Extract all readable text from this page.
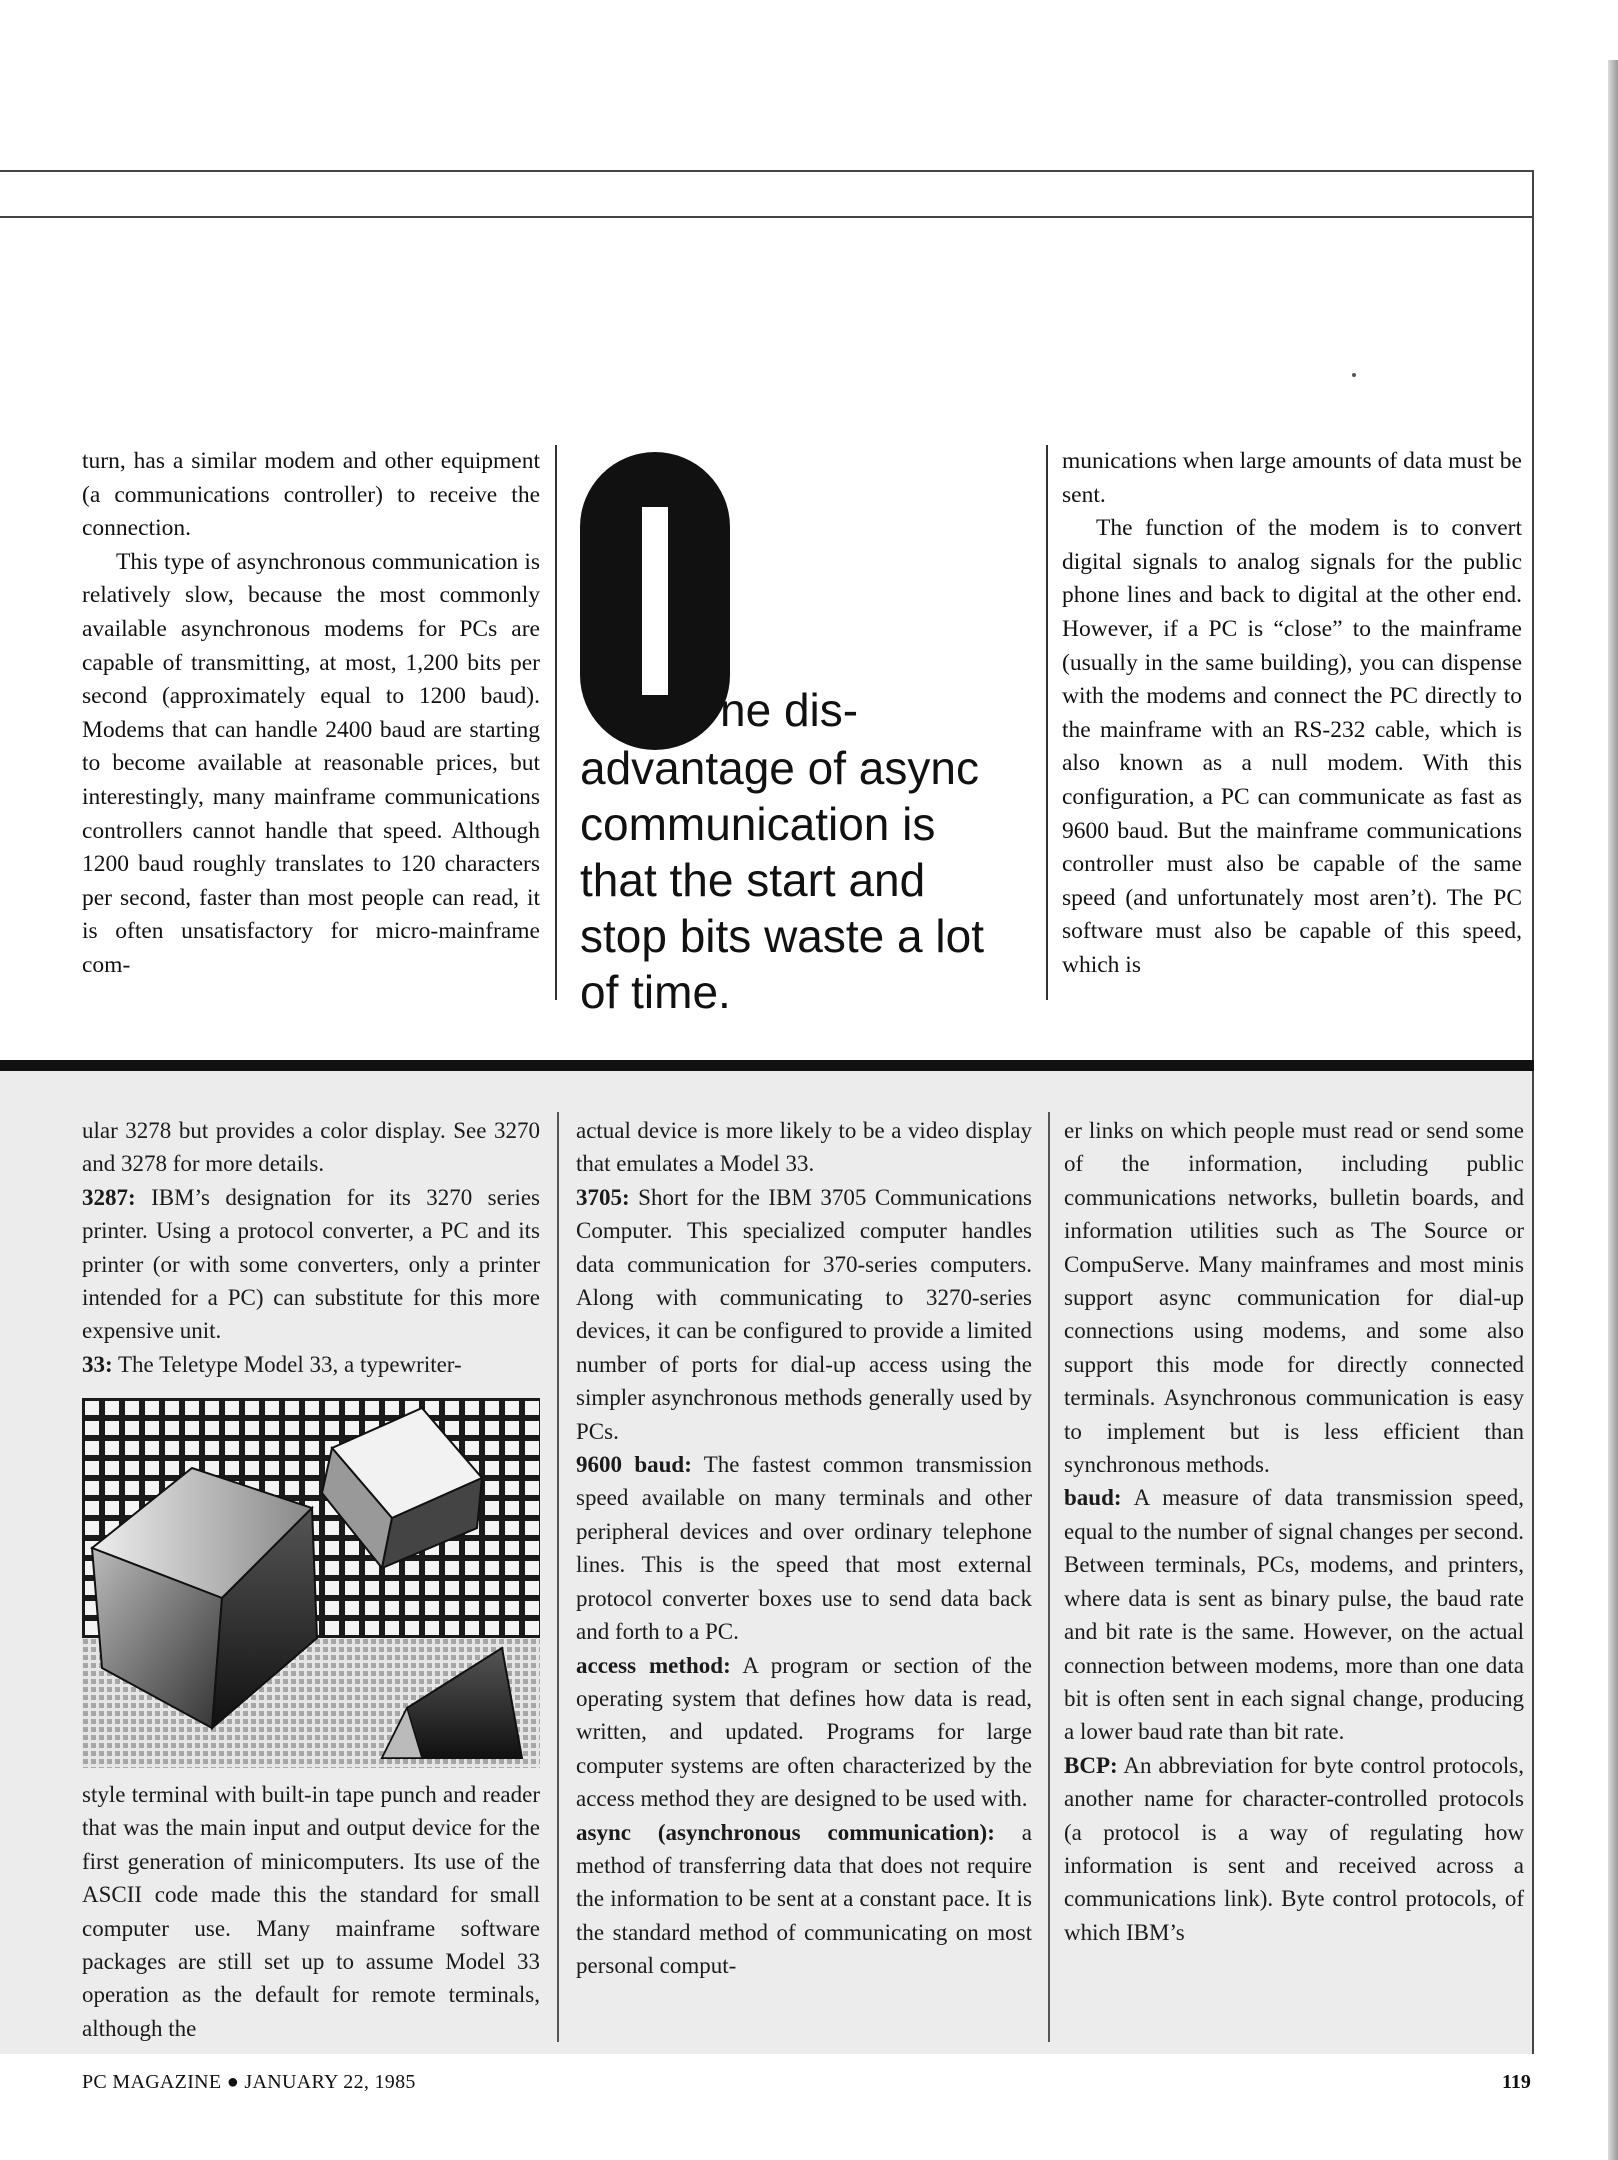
turn, has a similar modem and other equipment (a communications controller) to receive the connection.

This type of asynchronous communication is relatively slow, because the most commonly available asynchronous modems for PCs are capable of transmitting, at most, 1,200 bits per second (approximately equal to 1200 baud). Modems that can handle 2400 baud are starting to become available at reasonable prices, but interestingly, many mainframe communications controllers cannot handle that speed. Although 1200 baud roughly translates to 120 characters per second, faster than most people can read, it is often unsatisfactory for micro-mainframe com-

ne dis-
advantage of async communication is that the start and stop bits waste a lot of time.

munications when large amounts of data must be sent.

The function of the modem is to convert digital signals to analog signals for the public phone lines and back to digital at the other end. However, if a PC is “close” to the mainframe (usually in the same building), you can dispense with the modems and connect the PC directly to the mainframe with an RS-232 cable, which is also known as a null modem. With this configuration, a PC can communicate as fast as 9600 baud. But the mainframe communications controller must also be capable of the same speed (and unfortunately most aren’t). The PC software must also be capable of this speed, which is

ular 3278 but provides a color display. See 3270 and 3278 for more details.

3287: IBM’s designation for its 3270 series printer. Using a protocol converter, a PC and its printer (or with some converters, only a printer intended for a PC) can substitute for this more expensive unit.

33: The Teletype Model 33, a typewriter-

style terminal with built-in tape punch and reader that was the main input and output device for the first generation of minicomputers. Its use of the ASCII code made this the standard for small computer use. Many mainframe software packages are still set up to assume Model 33 operation as the default for remote terminals, although the

actual device is more likely to be a video display that emulates a Model 33.

3705: Short for the IBM 3705 Communications Computer. This specialized computer handles data communication for 370-series computers. Along with communicating to 3270-series devices, it can be configured to provide a limited number of ports for dial-up access using the simpler asynchronous methods generally used by PCs.

9600 baud: The fastest common transmission speed available on many terminals and other peripheral devices and over ordinary telephone lines. This is the speed that most external protocol converter boxes use to send data back and forth to a PC.

access method: A program or section of the operating system that defines how data is read, written, and updated. Programs for large computer systems are often characterized by the access method they are designed to be used with.

async (asynchronous communication): a method of transferring data that does not require the information to be sent at a constant pace. It is the standard method of communicating on most personal comput-

er links on which people must read or send some of the information, including public communications networks, bulletin boards, and information utilities such as The Source or CompuServe. Many mainframes and most minis support async communication for dial-up connections using modems, and some also support this mode for directly connected terminals. Asynchronous communication is easy to implement but is less efficient than synchronous methods.

baud: A measure of data transmission speed, equal to the number of signal changes per second. Between terminals, PCs, modems, and printers, where data is sent as binary pulse, the baud rate and bit rate is the same. However, on the actual connection between modems, more than one data bit is often sent in each signal change, producing a lower baud rate than bit rate.

BCP: An abbreviation for byte control protocols, another name for character-controlled protocols (a protocol is a way of regulating how information is sent and received across a communications link). Byte control protocols, of which IBM’s

PC MAGAZINE ● JANUARY 22, 1985	119
